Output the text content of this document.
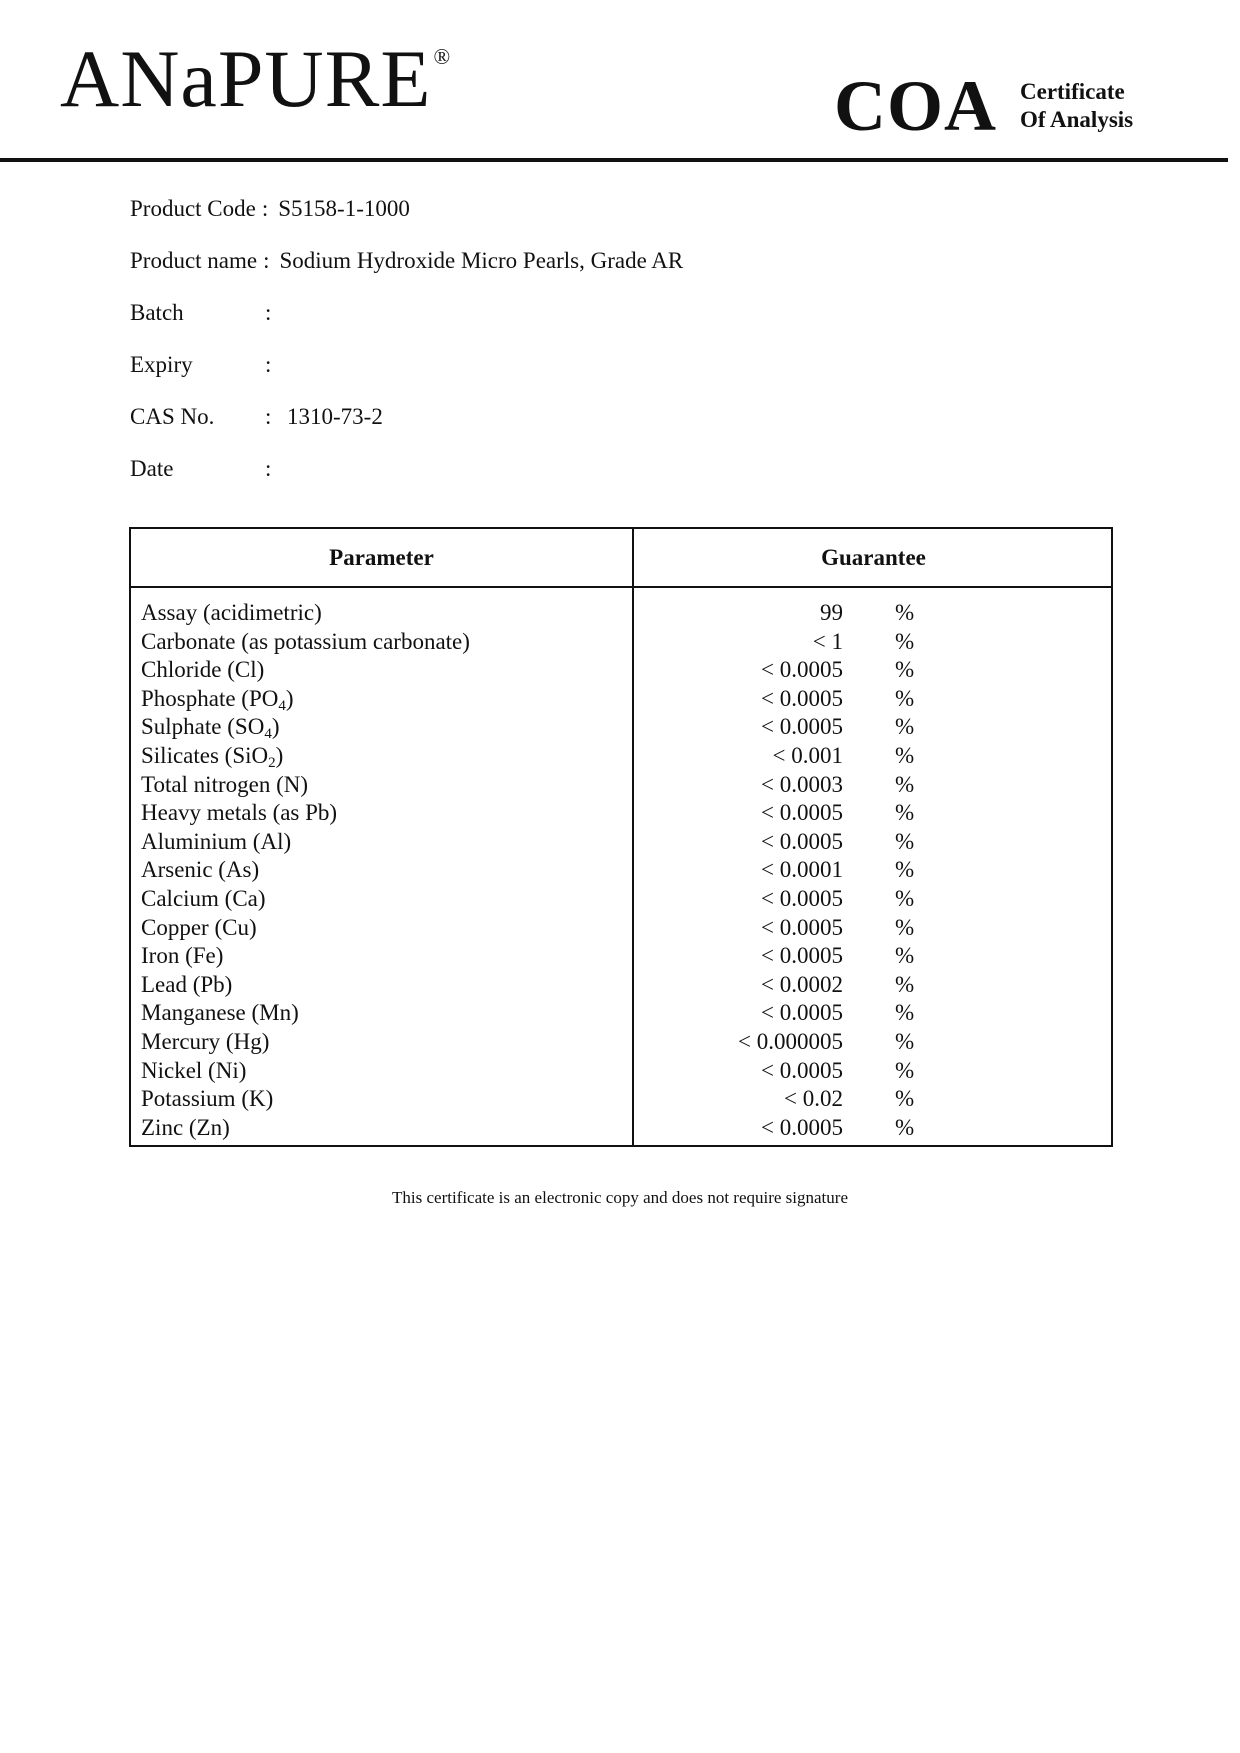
ANaPURE®
COA Certificate
Of Analysis
Product Code : S5158-1-1000
Product name : Sodium Hydroxide Micro Pearls, Grade AR
Batch	:
Expiry	:
CAS No.	: 1310-73-2
Date	:
Parameter	Guarantee
Assay (acidimetric)	99 %
Carbonate (as potassium carbonate)	< 1 %
Chloride (Cl)	< 0.0005 %
Phosphate $(PO_4)$	< 0.0005 %
Sulphate $(SO_4)$	< 0.0005 %
Silicates (SiO$_2$)	< 0.001 %
Total nitrogen (N)	< 0.0003 %
Heavy metals (as Pb)	< 0.0005 %
Aluminium (Al)	< 0.0005 %
Arsenic (As)	< 0.0001 %
Calcium (Ca)	< 0.0005 %
Copper (Cu)	< 0.0005 %
Iron (Fe)	< 0.0005 %
Lead (Pb)	< 0.0002 %
Manganese (Mn)	< 0.0005 %
Mercury (Hg)	< 0.000005 %
Nickel (Ni)	< 0.0005 %
Potassium (K)	< 0.02 %
Zinc (Zn)	< 0.0005 %
This certificate is an electronic copy and does not require signature
